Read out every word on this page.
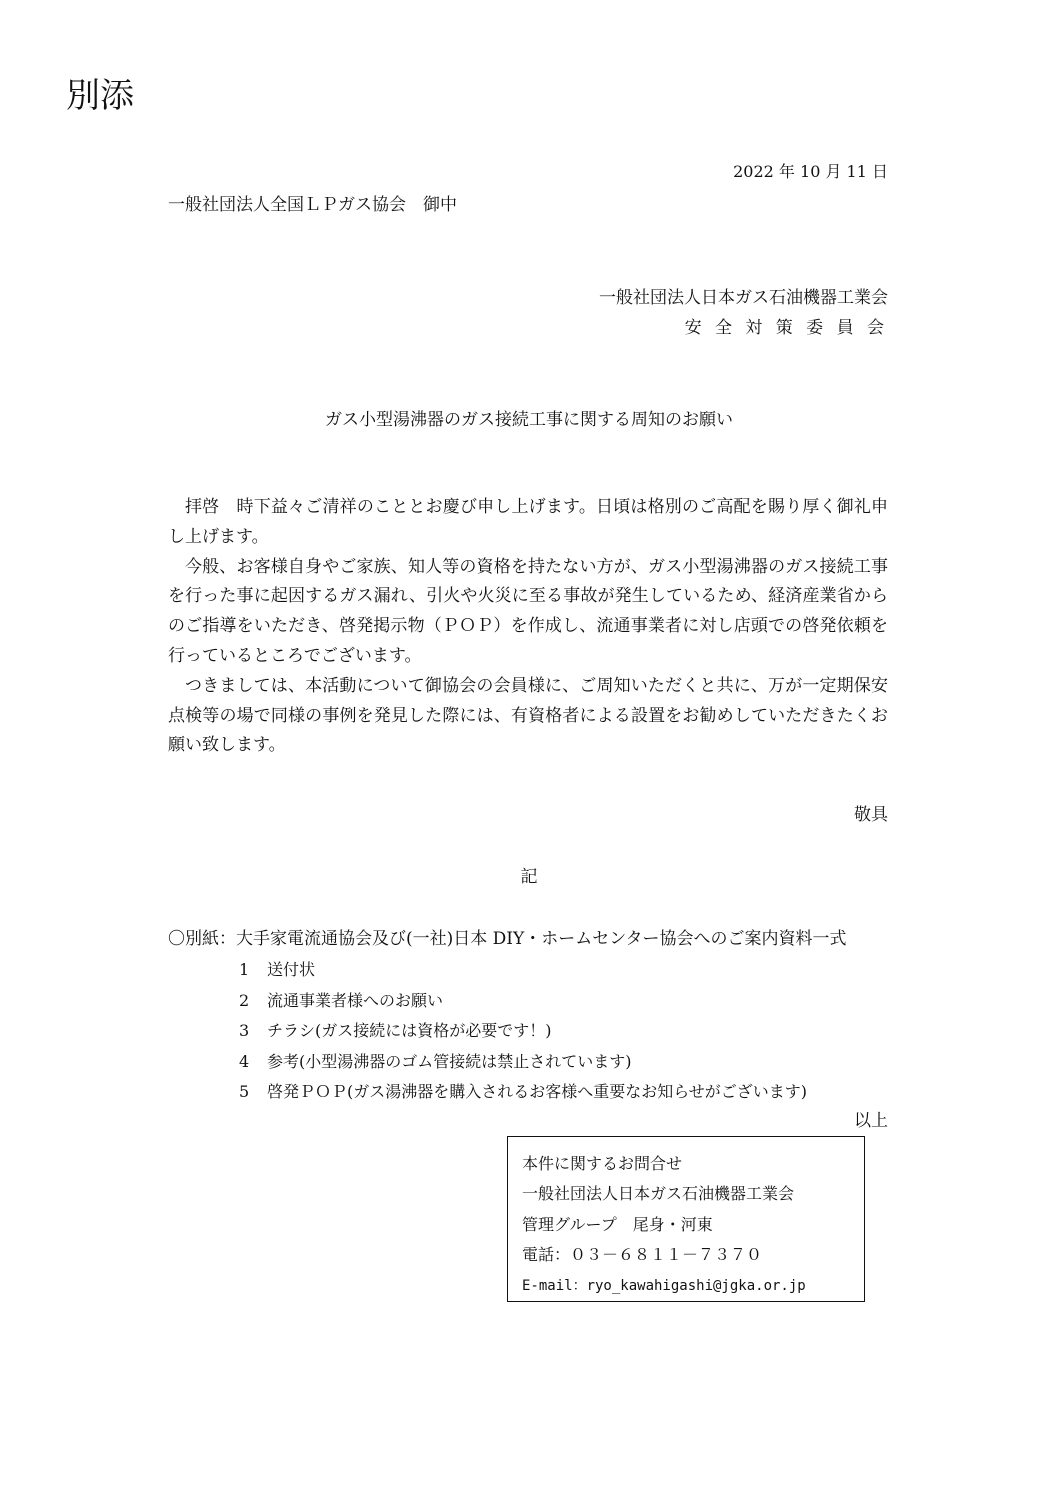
別添
2022 年 10 月 11 日
一般社団法人全国ＬＰガス協会　御中
一般社団法人日本ガス石油機器工業会
安 全 対 策 委 員 会
ガス小型湯沸器のガス接続工事に関する周知のお願い

拝啓　時下益々ご清祥のこととお慶び申し上げます。日頃は格別のご高配を賜り厚く御礼申し上げます。

今般、お客様自身やご家族、知人等の資格を持たない方が、ガス小型湯沸器のガス接続工事を行った事に起因するガス漏れ、引火や火災に至る事故が発生しているため、経済産業省からのご指導をいただき、啓発掲示物（ＰＯＰ）を作成し、流通事業者に対し店頭での啓発依頼を行っているところでございます。

つきましては、本活動について御協会の会員様に、ご周知いただくと共に、万が一定期保安点検等の場で同様の事例を発見した際には、有資格者による設置をお勧めしていただきたくお願い致します。

敬具
記
〇別紙：大手家電流通協会及び(一社)日本 DIY・ホームセンター協会へのご案内資料一式
1	送付状
2	流通事業者様へのお願い
3	チラシ(ガス接続には資格が必要です！)
4	参考(小型湯沸器のゴム管接続は禁止されています)
5	啓発ＰＯＰ(ガス湯沸器を購入されるお客様へ重要なお知らせがございます)
以上
本件に関するお問合せ
一般社団法人日本ガス石油機器工業会
管理グループ　尾身・河東
電話：０３－６８１１－７３７０
E-mail：ryo_kawahigashi@jgka.or.jp
